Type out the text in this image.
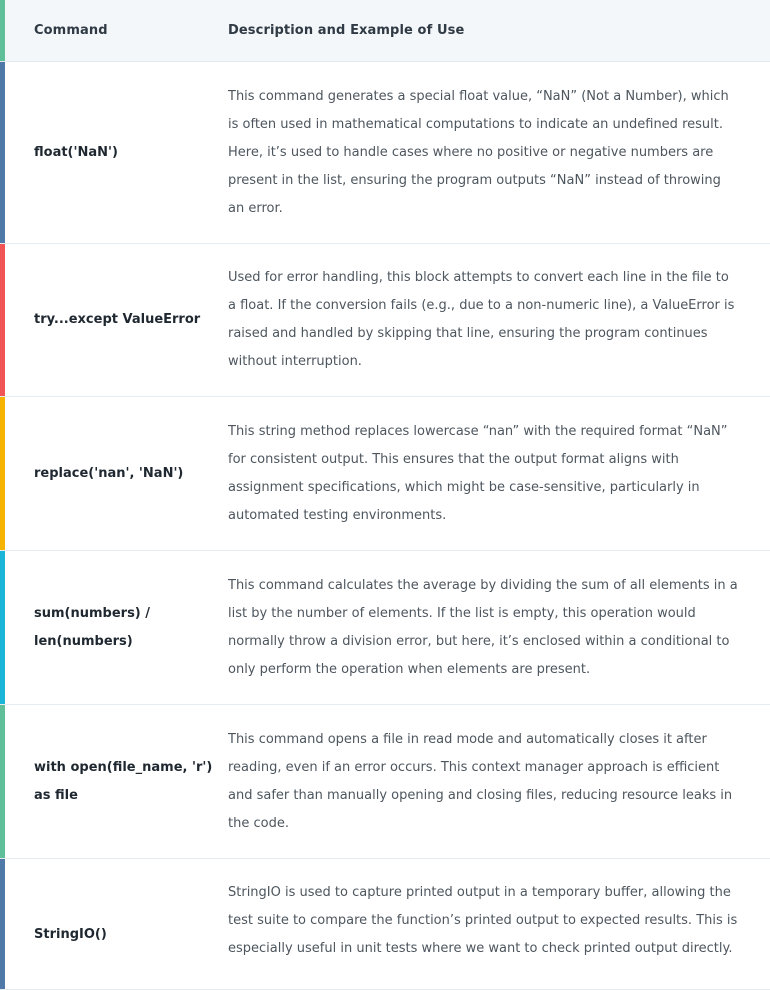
Command	Description and Example of Use
float('NaN')
This command generates a special float value, “NaN” (Not a Number), which is often used in mathematical computations to indicate an undefined result. Here, it’s used to handle cases where no positive or negative numbers are present in the list, ensuring the program outputs “NaN” instead of throwing an error.
try...except ValueError
Used for error handling, this block attempts to convert each line in the file to a float. If the conversion fails (e.g., due to a non-numeric line), a ValueError is raised and handled by skipping that line, ensuring the program continues without interruption.
replace('nan', 'NaN')
This string method replaces lowercase “nan” with the required format “NaN” for consistent output. This ensures that the output format aligns with assignment specifications, which might be case-sensitive, particularly in automated testing environments.
sum(numbers) / len(numbers)
This command calculates the average by dividing the sum of all elements in a list by the number of elements. If the list is empty, this operation would normally throw a division error, but here, it’s enclosed within a conditional to only perform the operation when elements are present.
with open(file_name, 'r') as file
This command opens a file in read mode and automatically closes it after reading, even if an error occurs. This context manager approach is efficient and safer than manually opening and closing files, reducing resource leaks in the code.
StringIO()
StringIO is used to capture printed output in a temporary buffer, allowing the test suite to compare the function’s printed output to expected results. This is especially useful in unit tests where we want to check printed output directly.
